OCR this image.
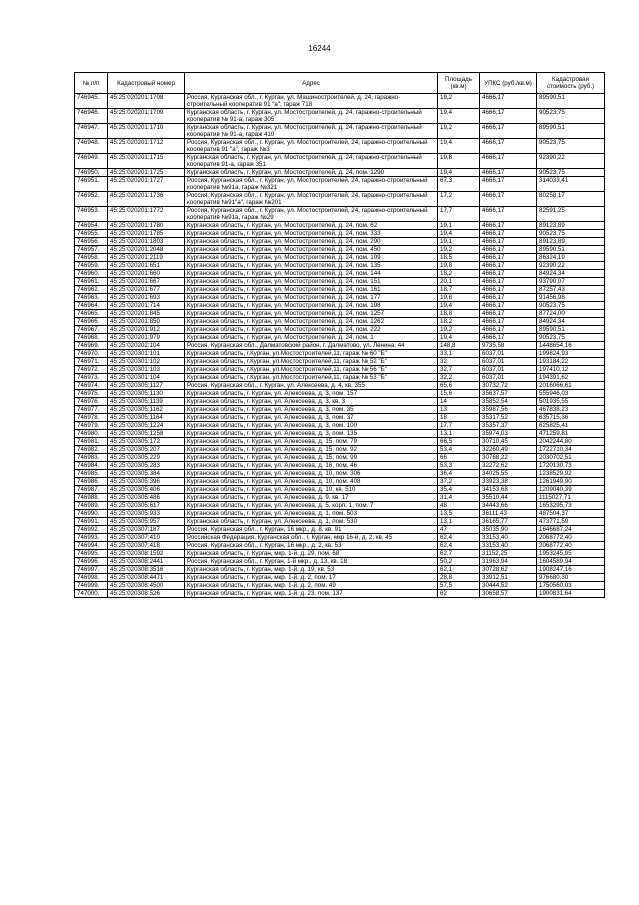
16244
№ п/п	Кадастровый номер	Адрес	Площадь (кв.м)	УПКС (руб./кв.м)	Кадастровая стоимость (руб.)
746945.	45:25:020201:1708	Россия, Курганская обл., г. Курган, ул. Машиностроителей, д. 24, гаражно-строительный кооператив 91 "а", гараж 718	19,2	4666,17	89590,51
746946.	45:25:020201:1709	Курганская область, г. Курган, ул. Мостостроителей, д. 24, гаражно-строительный кооператив № 91-а, гараж 305	19,4	4666,17	90523,75
746947.	45:25:020201:1710	Курганская область, г. Курган, ул. Мостостроителей, д. 24, гаражно-строительный кооператив № 91-а, гараж 410	19,2	4666,17	89590,51
746948.	45:25:020201:1712	Россия, Курганская обл., г. Курган, ул. Мостостроителей, 24, гаражно-строительный кооператив 91 "а", гараж №3	19,4	4666,17	90523,75
746949.	45:25:020201:1715	Курганская область, г. Курган, ул. Мостостроителей, д. 24, гаражно-строительный кооператив 91-а, гараж 351	19,8	4666,17	92390,22
746950.	45:25:020201:1725	Курганская область, г. Курган, ул. Мостостроителей, д. 24, пом. 1290	19,4	4666,17	90523,75
746951.	45:25:020201:1727	Россия, Курганская обл., г. Курган, ул. Мостостроителей, 24, гаражно-строительный кооператив №91а, гараж №321	67,3	4666,17	314033,41
746952.	45:25:020201:1736	Россия, Курганская обл., г. Курган, ул. Мостостроителей, 24, гаражно-строительный кооператив №91"а", гараж №201	17,2	4666,17	80258,17
746953.	45:25:020201:1772	Россия, Курганская обл., г. Курган, ул. Мостостроителей, 24, гаражно-строительный кооператив №91а, гараж №29	17,7	4666,17	82591,25
746954.	45:25:020201:1780	Курганская область, г. Курган, ул. Мостостроителей, д. 24, пом. 62	19,1	4666,17	89123,89
746955.	45:25:020201:1785	Курганская область, г. Курган, ул. Мостостроителей, д. 24, пом. 333	19,4	4666,17	90523,75
746956.	45:25:020201:1803	Курганская область, г. Курган, ул. Мостостроителей, д. 24, пом. 290	19,1	4666,17	89123,89
746957.	45:25:020201:2048	Курганская область, г. Курган, ул. Мостостроителей, д. 24, пом. 450	19,2	4666,17	89590,51
746958.	45:25:020201:2119	Курганская область, г. Курган, ул. Мостостроителей, д. 24, пом. 109	18,5	4666,17	86324,19
746959.	45:25:020201:651	Курганская область, г. Курган, ул. Мостостроителей, д. 24, пом. 135	19,8	4666,17	92390,22
746960.	45:25:020201:660	Курганская область, г. Курган, ул. Мостостроителей, д. 24, пом. 144	18,2	4666,17	84924,34
746961.	45:25:020201:667	Курганская область, г. Курган, ул. Мостостроителей, д. 24, пом. 151	20,1	4666,17	93790,07
746962.	45:25:020201:677	Курганская область, г. Курган, ул. Мостостроителей, д. 24, пом. 161	18,7	4666,17	87257,43
746963.	45:25:020201:693	Курганская область, г. Курган, ул. Мостостроителей, д. 24, пом. 177	19,6	4666,17	91456,98
746964.	45:25:020201:714	Курганская область, г. Курган, ул. Мостостроителей, д. 24, пом. 198	19,4	4666,17	90523,75
746965.	45:25:020201:845	Курганская область, г. Курган, ул. Мостостроителей, д. 24, пом. 1257	18,8	4666,17	87724,00
746966.	45:25:020201:850	Курганская область, г. Курган, ул. Мостостроителей, д. 24, пом. 1262	18,2	4666,17	84924,34
746967.	45:25:020201:912	Курганская область, г. Курган, ул. Мостостроителей, д. 24, пом. 222	19,2	4666,17	89590,51
746968.	45:25:020201:979	Курганская область, г. Курган, ул. Мостостроителей, д. 24, пом. 1	19,4	4666,17	90523,75
746969.	45:25:020202:104	Россия, Курганская обл., Далматовский район, г. Далматово, ул. Ленина, 44	148,8	9735,58	1448654,16
746970.	45:25:020301:101	Курганская область, г.Курган, ул.Мостостроителей,11, гараж № 60 "Б"	33,1	6037,01	199824,93
746971.	45:25:020301:102	Курганская область, г.Курган, ул.Мостостроителей,11, гараж № 52 "Б"	32	6037,01	193184,22
746972.	45:25:020301:103	Курганская область, г.Курган, ул.Мостостроителей,11, гараж № 56 "Б"	32,7	6037,01	197410,12
746973.	45:25:020301:104	Курганская область, г.Курган, ул.Мостостроителей,11, гараж № 53 "Б"	32,2	6037,01	194391,62
746974.	45:25:020305:1127	Россия, Курганская обл., г. Курган, ул. Алексеева, д. 4, кв. 355	65,6	30732,72	2016066,61
746975.	45:25:020305:1130	Курганская область, г. Курган, ул. Алексеева, д. 3, пом. 157	15,6	35637,57	555946,03
746976.	45:25:020305:1139	Курганская область, г. Курган, ул. Алексеева, д. 3, кв. 3	14	35852,54	501935,55
746977.	45:25:020305:1162	Курганская область, г. Курган, ул. Алексеева, д. 3, пом. 35	13	35987,56	467838,23
746978.	45:25:020305:1164	Курганская область, г. Курган, ул. Алексеева, д. 3, пом. 37	18	35317,52	635715,36
746979.	45:25:020305:1224	Курганская область, г. Курган, ул. Алексеева, д. 3, пом. 100	17,7	35357,37	625825,41
746980.	45:25:020305:1258	Курганская область, г. Курган, ул. Алексеева, д. 3, пом. 135	13,1	35974,03	471259,81
746981.	45:25:020305:172	Курганская область, г. Курган, ул. Алексеева, д. 15, пом. 79	66,5	30710,45	2042244,80
746982.	45:25:020305:207	Курганская область, г. Курган, ул. Алексеева, д. 15, пом. 92	53,4	32260,49	1722710,34
746983.	45:25:020305:229	Курганская область, г. Курган, ул. Алексеева, д. 15, пом. 99	66	30768,22	2030702,51
746984.	45:25:020305:283	Курганская область, г. Курган, ул. Алексеева, д. 16, пом. 46	53,3	32272,62	1720130,73
746985.	45:25:020305:384	Курганская область, г. Курган, ул. Алексеева, д. 10, пом. 306	36,4	34025,55	1238529,92
746986.	45:25:020305:396	Курганская область, г. Курган, ул. Алексеева, д. 10, пом. 408	37,2	33923,38	1261949,90
746987.	45:25:020305:406	Курганская область, г. Курган, ул. Алексеева, д. 10, кв. 510	35,4	34153,68	1209040,39
746988.	45:25:020305:486	Курганская область, г. Курган, ул. Алексеева, д. 9, кв. 17	31,4	35510,44	1115027,71
746989.	45:25:020305:617	Курганская область, г. Курган, ул. Алексеева, д. 5, корп. 1, пом. 7	48	34443,66	1653295,73
746990.	45:25:020305:933	Курганская область, г. Курган, ул. Алексеева, д. 1, пом. 503	13,5	36111,43	487504,37
746991.	45:25:020305:957	Курганская область, г. Курган, ул. Алексеева, д. 1, пом. 530	13,1	36165,77	473771,59
746992.	45:25:020307:187	Россия, Курганская обл., г. Курган, 16 мкр., д. 8, кв. 91	47	35035,90	1646687,24
746993.	45:25:020307:410	Российская Федерация, Курганская обл., г. Курган, мкр 16-й, д. 2, кв. 45	62,4	33153,40	2068772,40
746994.	45:25:020307:418	Россия, Курганская обл., г. Курган, 16 мкр., д. 2, кв. 53	62,4	33153,40	2068772,40
746995.	45:25:020308:1592	Курганская область, г. Курган, мкр. 1-й, д. 29, пом. 68	62,7	31152,25	1953245,95
746996.	45:25:020308:2441	Россия, Курганская обл., г. Курган, 1-й мкр., д. 13, кв. 18	50,2	31963,94	1604589,94
746997.	45:25:020308:3516	Курганская область, г. Курган, мкр. 1-й, д. 19, кв. 53	62,1	30728,62	1908247,16
746998.	45:25:020308:4471	Курганская область, г. Курган, мкр. 1-й, д. 2, пом. 17	28,8	33912,51	976680,30
746999.	45:25:020308:4500	Курганская область, г. Курган, мкр. 1-й, д. 2, пом. 49	57,5	30444,52	1750560,03
747000.	45:25:020308:526	Курганская область, г. Курган, мкр. 1-й, д. 23, пом. 137	62	30658,57	1900831,64
